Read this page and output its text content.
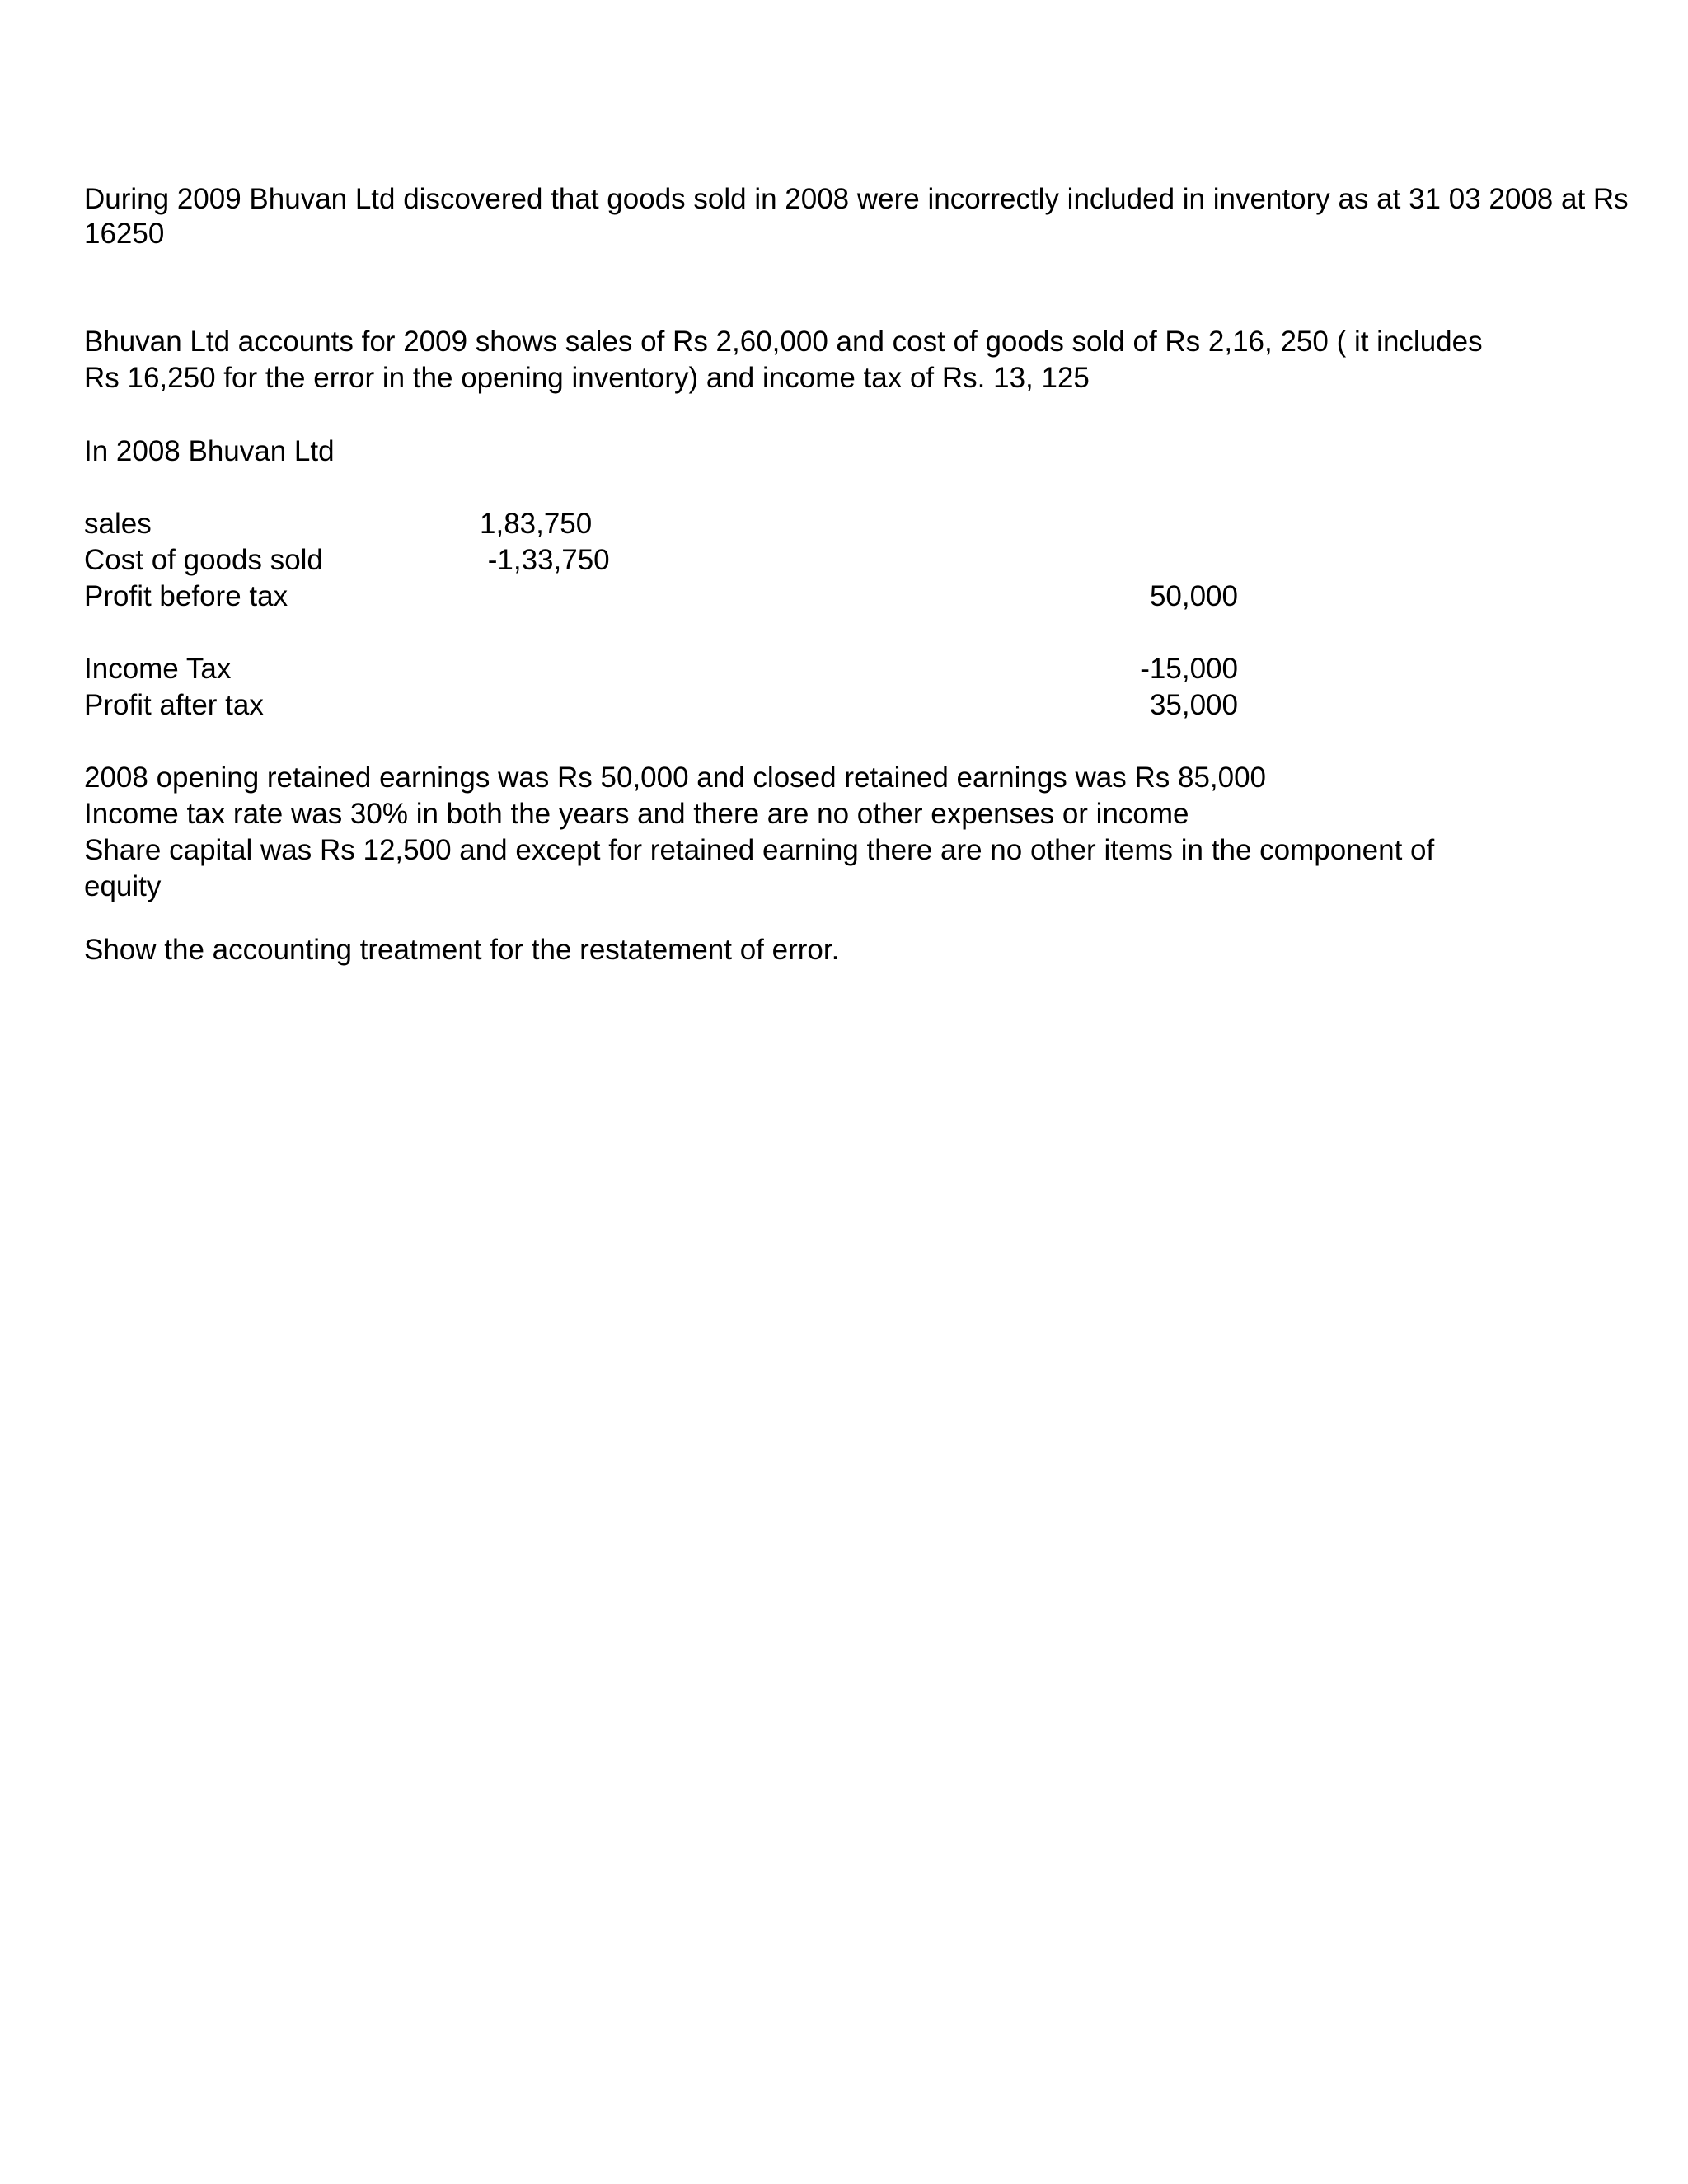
During 2009 Bhuvan Ltd discovered that goods sold in 2008 were incorrectly included in inventory as at 31 03 2008 at Rs
16250
Bhuvan Ltd accounts for 2009 shows sales of Rs 2,60,000 and cost of goods sold of Rs 2,16, 250 ( it includes
Rs 16,250 for the error in the opening inventory) and income tax of Rs. 13, 125
In 2008 Bhuvan Ltd
sales	1,83,750
Cost of goods sold	-1,33,750
Profit before tax	50,000
Income Tax	-15,000
Profit after tax	35,000
2008 opening retained earnings was Rs 50,000 and closed retained earnings was Rs 85,000
Income tax rate was 30% in both the years and there are no other expenses or income
Share capital was Rs 12,500 and except for retained earning there are no other items in the component of
equity
Show the accounting treatment for the restatement of error.
